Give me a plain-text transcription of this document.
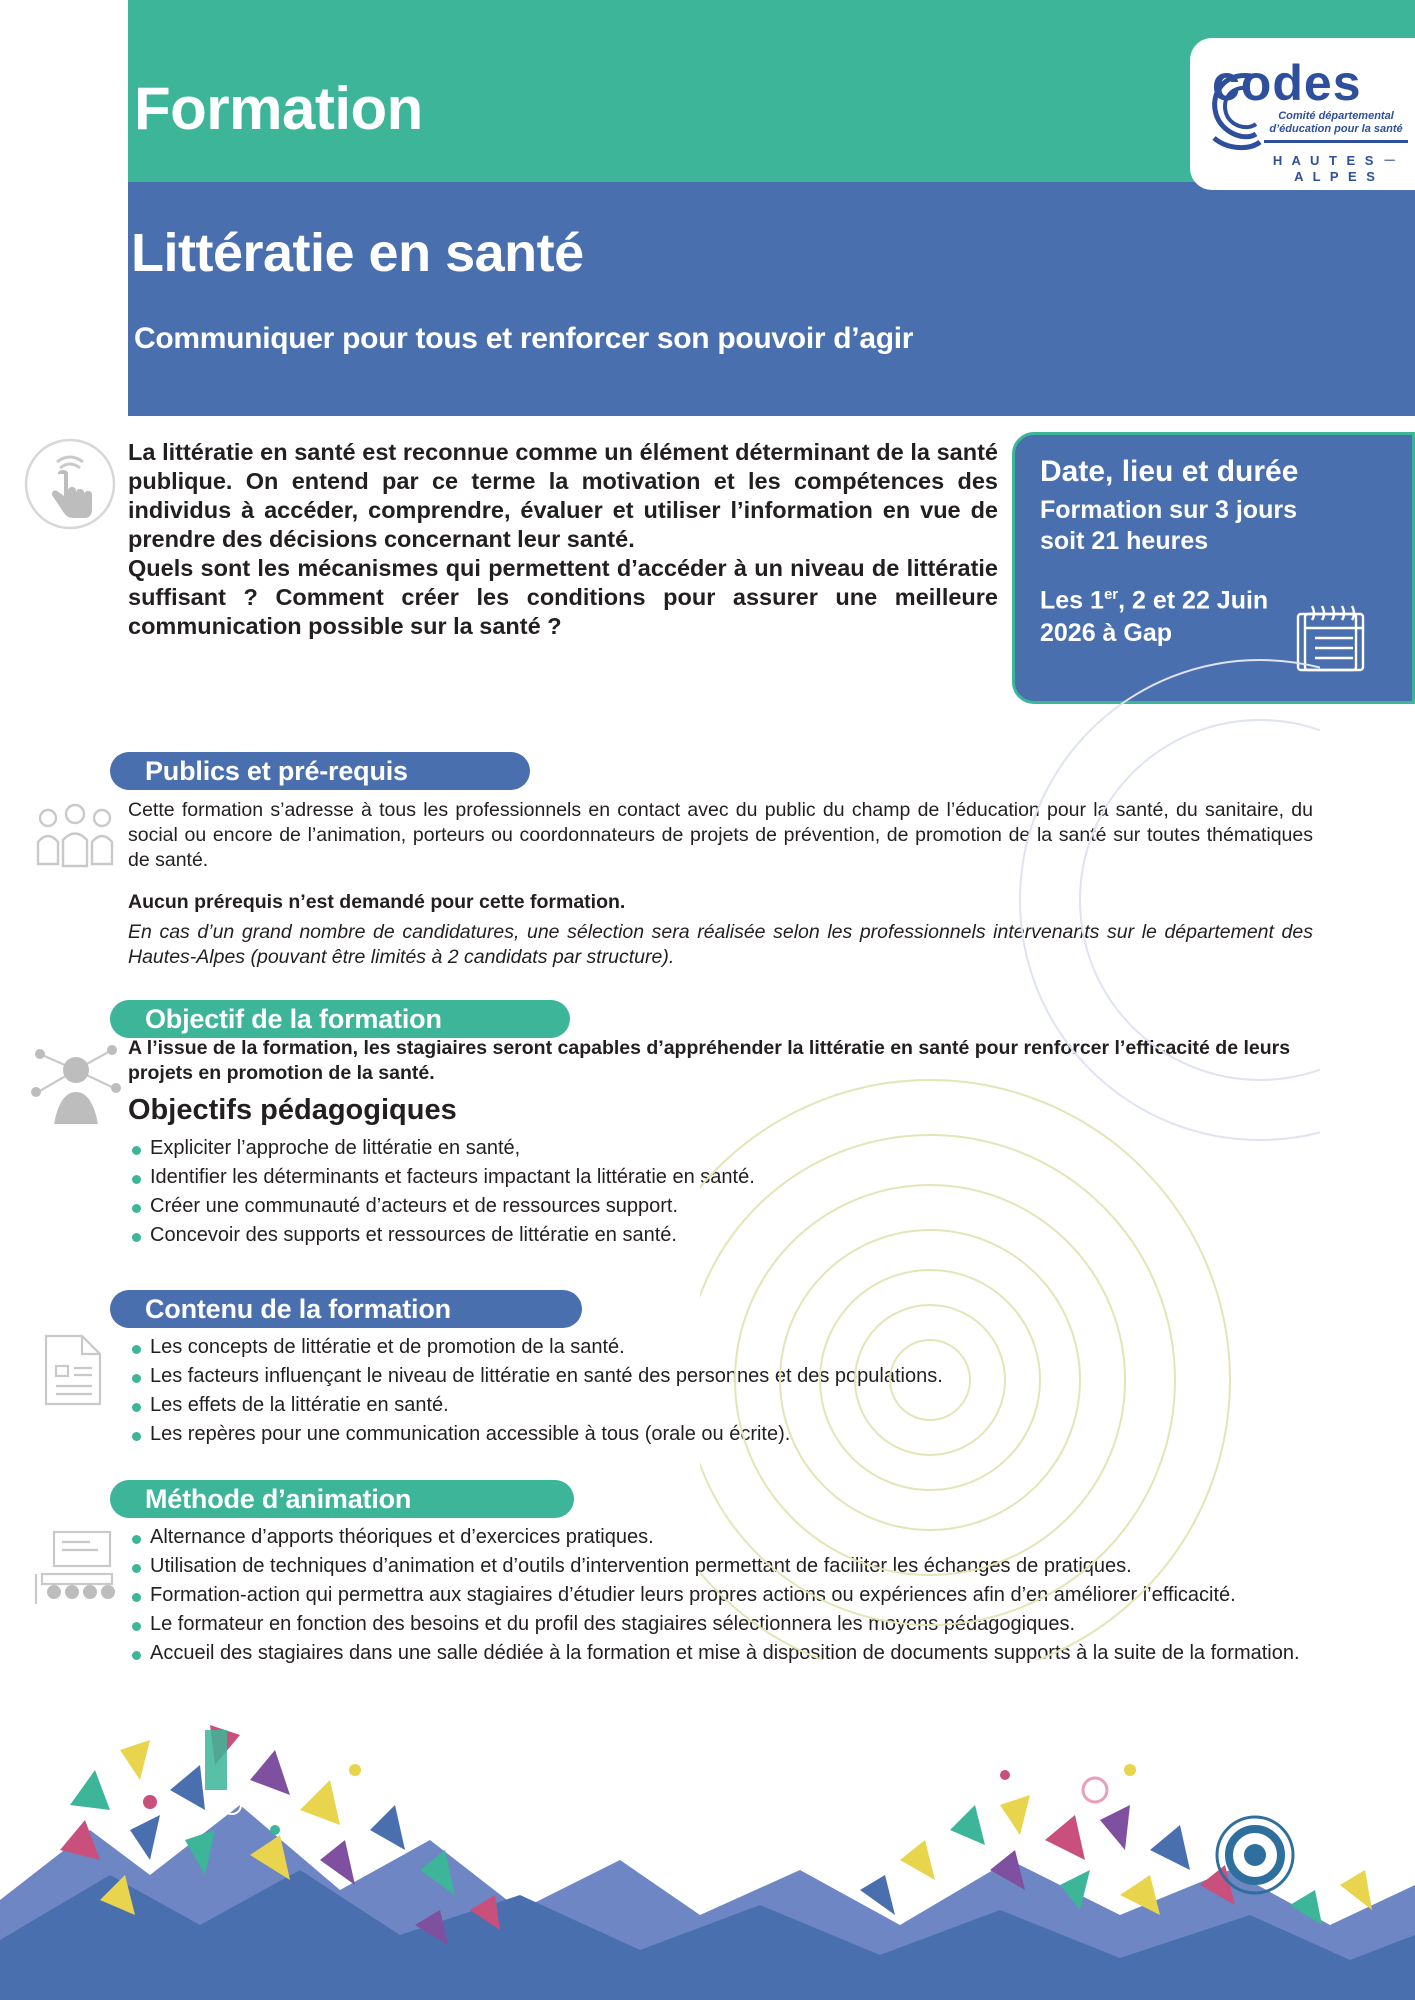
Formation
Littératie en santé
Communiquer pour tous et renforcer son pouvoir d’agir
codes
Comité départemental d’éducation pour la santé
H A U T E S － A L P E S
La littératie en santé est reconnue comme un élément déterminant de la santé publique. On entend par ce terme la motivation et les compétences des individus à accéder, comprendre, évaluer et utiliser l’information en vue de prendre des décisions concernant leur santé.
Quels sont les mécanismes qui permettent d’accéder à un niveau de littératie suffisant ? Comment créer les conditions pour assurer une meilleure communication possible sur la santé ?
Date, lieu et durée
Formation sur 3 jours soit 21 heures
Les 1er, 2 et 22 Juin
2026 à Gap
Publics et pré-requis
Cette formation s’adresse à tous les professionnels en contact avec du public du champ de l’éducation pour la santé, du sanitaire, du social ou encore de l’animation, porteurs ou coordonnateurs de projets de prévention, de promotion de la santé sur toutes thématiques de santé.
Aucun prérequis n’est demandé pour cette formation.
En cas d’un grand nombre de candidatures, une sélection sera réalisée selon les professionnels intervenants sur le département des Hautes-Alpes (pouvant être limités à 2 candidats par structure).
Objectif de la formation
A l’issue de la formation, les stagiaires seront capables d’appréhender la littératie en santé pour renforcer l’efficacité de leurs projets en promotion de la santé.
Objectifs pédagogiques
Expliciter l’approche de littératie en santé,
Identifier les déterminants et facteurs impactant la littératie en santé.
Créer une communauté d’acteurs et de ressources support.
Concevoir des supports et ressources de littératie en santé.
Contenu de la formation
Les concepts de littératie et de promotion de la santé.
Les facteurs influençant le niveau de littératie en santé des personnes et des populations.
Les effets de la littératie en santé.
Les repères pour une communication accessible à tous (orale ou écrite).
Méthode d’animation
Alternance d’apports théoriques et d’exercices pratiques.
Utilisation de techniques d’animation et d’outils d’intervention permettant de faciliter les échanges de pratiques.
Formation-action qui permettra aux stagiaires d’étudier leurs propres actions ou expériences afin d’en améliorer l’efficacité.
Le formateur en fonction des besoins et du profil des stagiaires sélectionnera les moyens pédagogiques.
Accueil des stagiaires dans une salle dédiée à la formation et mise à disposition de documents supports à la suite de la formation.
